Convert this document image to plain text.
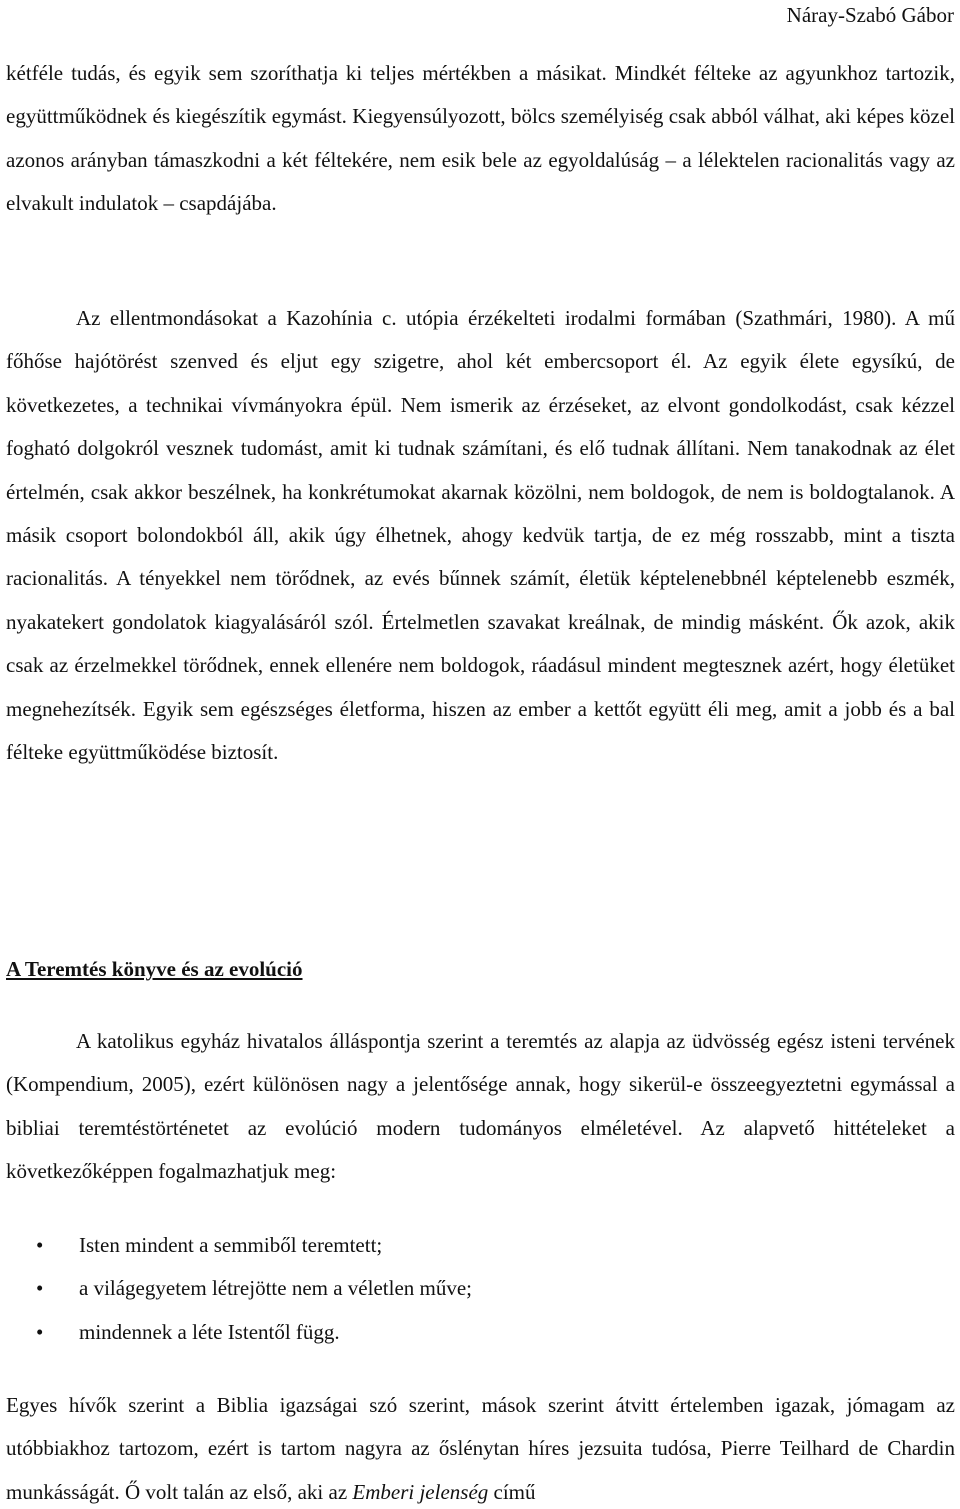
Náray-Szabó Gábor

kétféle tudás, és egyik sem szoríthatja ki teljes mértékben a másikat. Mindkét félteke az agyunkhoz tartozik, együttműködnek és kiegészítik egymást. Kiegyensúlyozott, bölcs személyiség csak abból válhat, aki képes közel azonos arányban támaszkodni a két féltekére, nem esik bele az egyoldalúság – a lélektelen racionalitás vagy az elvakult indulatok – csapdájába.

Az ellentmondásokat a Kazohínia c. utópia érzékelteti irodalmi formában (Szathmári, 1980). A mű főhőse hajótörést szenved és eljut egy szigetre, ahol két embercsoport él. Az egyik élete egysíkú, de következetes, a technikai vívmányokra épül. Nem ismerik az érzéseket, az elvont gondolkodást, csak kézzel fogható dolgokról vesznek tudomást, amit ki tudnak számítani, és elő tudnak állítani. Nem tanakodnak az élet értelmén, csak akkor beszélnek, ha konkrétumokat akarnak közölni, nem boldogok, de nem is boldogtalanok. A másik csoport bolondokból áll, akik úgy élhetnek, ahogy kedvük tartja, de ez még rosszabb, mint a tiszta racionalitás. A tényekkel nem törődnek, az evés bűnnek számít, életük képtelenebbnél képtelenebb eszmék, nyakatekert gondolatok kiagyalásáról szól. Értelmetlen szavakat kreálnak, de mindig másként. Ők azok, akik csak az érzelmekkel törődnek, ennek ellenére nem boldogok, ráadásul mindent megtesznek azért, hogy életüket megnehezítsék. Egyik sem egészséges életforma, hiszen az ember a kettőt együtt éli meg, amit a jobb és a bal félteke együttműködése biztosít.

A Teremtés könyve és az evolúció

A katolikus egyház hivatalos álláspontja szerint a teremtés az alapja az üdvösség egész isteni tervének (Kompendium, 2005), ezért különösen nagy a jelentősége annak, hogy sikerül-e összeegyeztetni egymással a bibliai teremtéstörténetet az evolúció modern tudományos elméletével. Az alapvető hittételeket a következőképpen fogalmazhatjuk meg:

• Isten mindent a semmiből teremtett;
• a világegyetem létrejötte nem a véletlen műve;
• mindennek a léte Istentől függ.

Egyes hívők szerint a Biblia igazságai szó szerint, mások szerint átvitt értelemben igazak, jómagam az utóbbiakhoz tartozom, ezért is tartom nagyra az őslénytan híres jezsuita tudósa, Pierre Teilhard de Chardin munkásságát. Ő volt talán az első, aki az Emberi jelenség című
